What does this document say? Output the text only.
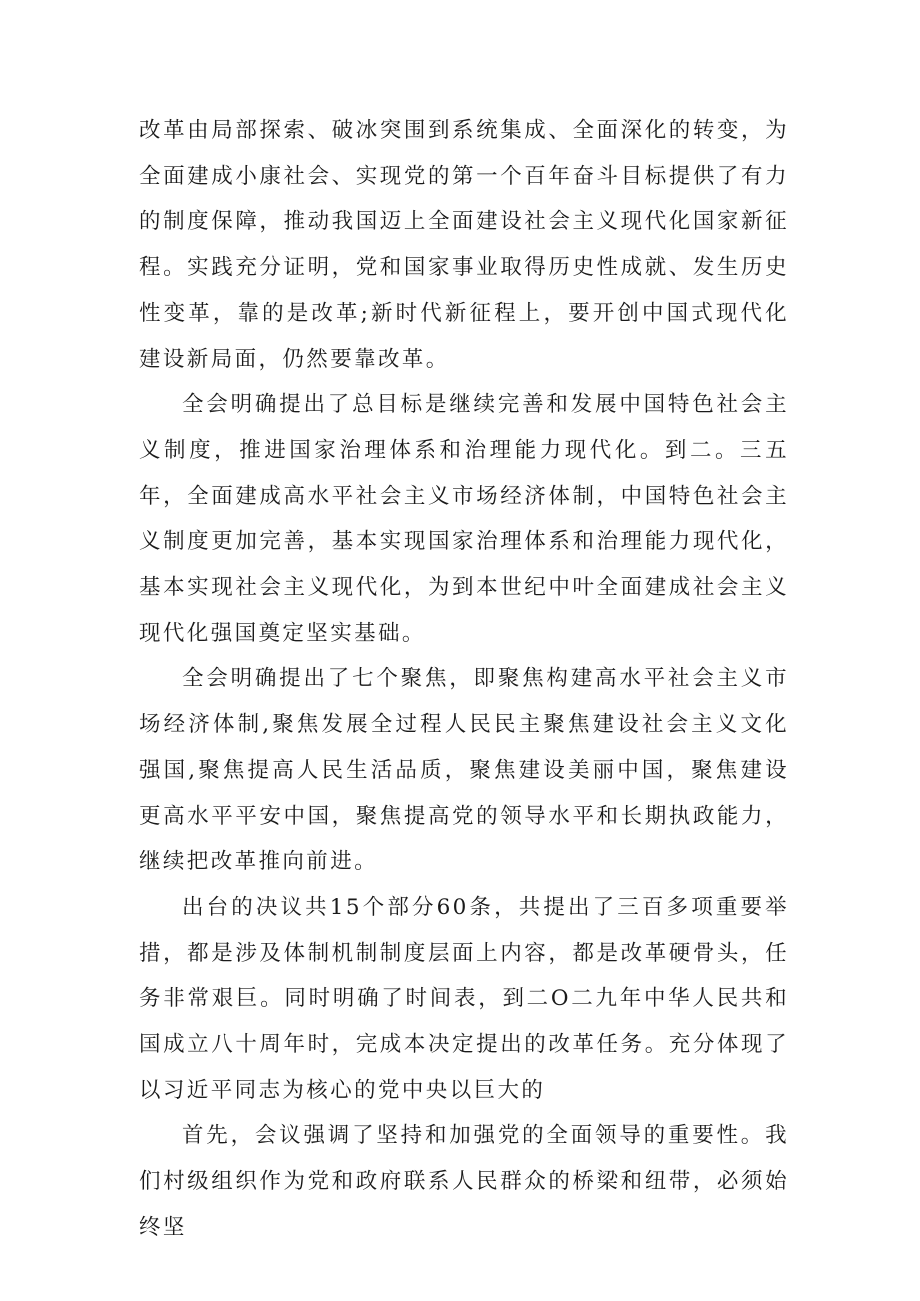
改革由局部探索、破冰突围到系统集成、全面深化的转变，为全面建成小康社会、实现党的第一个百年奋斗目标提供了有力的制度保障，推动我国迈上全面建设社会主义现代化国家新征程。实践充分证明，党和国家事业取得历史性成就、发生历史性变革，靠的是改革;新时代新征程上，要开创中国式现代化建设新局面，仍然要靠改革。

全会明确提出了总目标是继续完善和发展中国特色社会主义制度，推进国家治理体系和治理能力现代化。到二。三五年，全面建成高水平社会主义市场经济体制，中国特色社会主义制度更加完善，基本实现国家治理体系和治理能力现代化，基本实现社会主义现代化，为到本世纪中叶全面建成社会主义现代化强国奠定坚实基础。

全会明确提出了七个聚焦，即聚焦构建高水平社会主义市场经济体制,聚焦发展全过程人民民主聚焦建设社会主义文化强国,聚焦提高人民生活品质，聚焦建设美丽中国，聚焦建设更高水平平安中国，聚焦提高党的领导水平和长期执政能力，继续把改革推向前进。

出台的决议共15个部分60条，共提出了三百多项重要举措，都是涉及体制机制制度层面上内容，都是改革硬骨头，任务非常艰巨。同时明确了时间表，到二O二九年中华人民共和国成立八十周年时，完成本决定提出的改革任务。充分体现了以习近平同志为核心的党中央以巨大的

首先，会议强调了坚持和加强党的全面领导的重要性。我们村级组织作为党和政府联系人民群众的桥梁和纽带，必须始终坚
